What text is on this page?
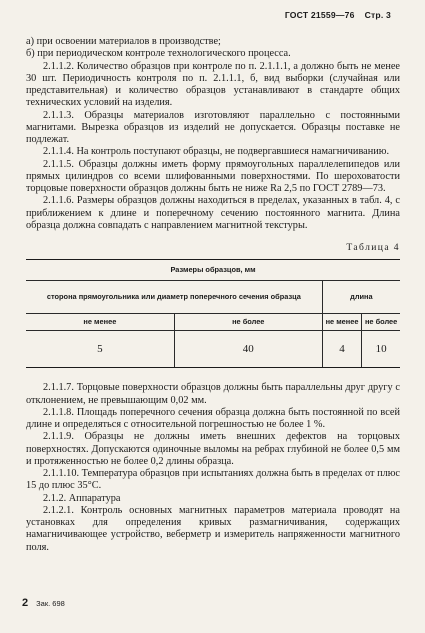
ГОСТ 21559—76 Стр. 3

а) при освоении материалов в производстве;

б) при периодическом контроле технологического процесса.

2.1.1.2. Количество образцов при контроле по п. 2.1.1.1, а должно быть не менее 30 шт. Периодичность контроля по п. 2.1.1.1, б, вид выборки (случайная или представительная) и количество образцов устанавливают в стандарте общих технических условий на изделия.

2.1.1.3. Образцы материалов изготовляют параллельно с постоянными магнитами. Вырезка образцов из изделий не допускается. Образцы поставке не подлежат.

2.1.1.4. На контроль поступают образцы, не подвергавшиеся намагничиванию.

2.1.1.5. Образцы должны иметь форму прямоугольных параллелепипедов или прямых цилиндров со всеми шлифованными поверхностями. По шероховатости торцовые поверхности образцов должны быть не ниже Ra 2,5 по ГОСТ 2789—73.

2.1.1.6. Размеры образцов должны находиться в пределах, указанных в табл. 4, с приближением к длине и поперечному сечению постоянного магнита. Длина образца должна совпадать с направлением магнитной текстуры.

Таблица 4
Размеры образцов, мм			
сторона прямоугольника или диаметр поперечного сечения образца		длина	
не менее	не более	не менее	не более
5	40	4	10

2.1.1.7. Торцовые поверхности образцов должны быть параллельны друг другу с отклонением, не превышающим 0,02 мм.

2.1.1.8. Площадь поперечного сечения образца должна быть постоянной по всей длине и определяться с относительной погрешностью не более 1 %.

2.1.1.9. Образцы не должны иметь внешних дефектов на торцовых поверхностях. Допускаются одиночные выломы на ребрах глубиной не более 0,5 мм и протяженностью не более 0,2 длины образца.

2.1.1.10. Температура образцов при испытаниях должна быть в пределах от плюс 15 до плюс 35°С.

2.1.2. Аппаратура

2.1.2.1. Контроль основных магнитных параметров материала проводят на установках для определения кривых размагничивания, содержащих намагничивающее устройство, веберметр и измеритель напряженности магнитного поля.

2 Зак. 698
